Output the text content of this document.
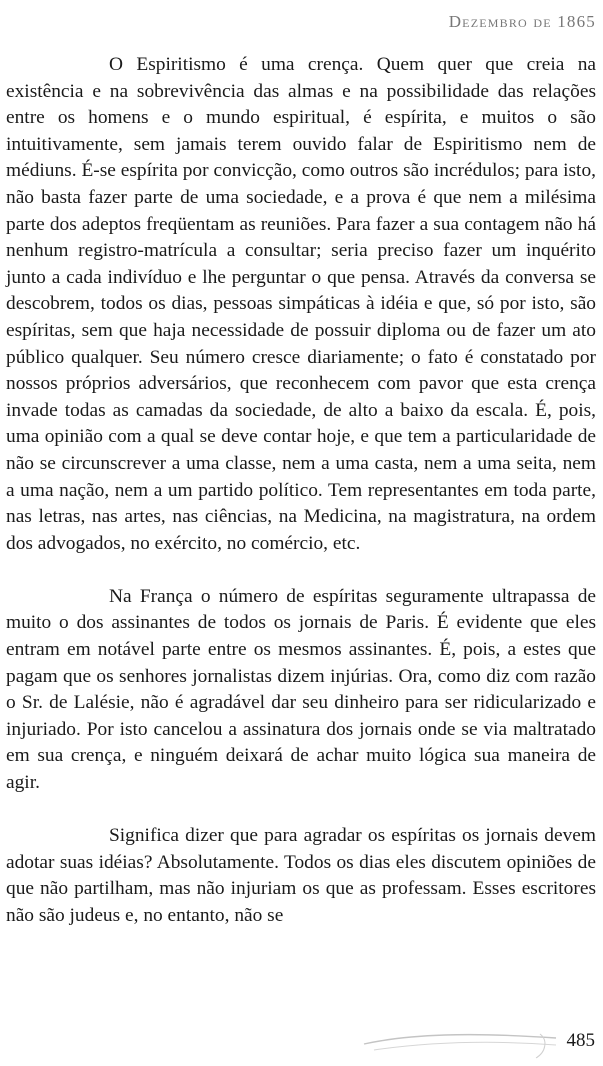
Dezembro de 1865

O Espiritismo é uma crença. Quem quer que creia na existência e na sobrevivência das almas e na possibilidade das relações entre os homens e o mundo espiritual, é espírita, e muitos o são intuitivamente, sem jamais terem ouvido falar de Espiritismo nem de médiuns. É-se espírita por convicção, como outros são incrédulos; para isto, não basta fazer parte de uma sociedade, e a prova é que nem a milésima parte dos adeptos freqüentam as reuniões. Para fazer a sua contagem não há nenhum registro-matrícula a consultar; seria preciso fazer um inquérito junto a cada indivíduo e lhe perguntar o que pensa. Através da conversa se descobrem, todos os dias, pessoas simpáticas à idéia e que, só por isto, são espíritas, sem que haja necessidade de possuir diploma ou de fazer um ato público qualquer. Seu número cresce diariamente; o fato é constatado por nossos próprios adversários, que reconhecem com pavor que esta crença invade todas as camadas da sociedade, de alto a baixo da escala. É, pois, uma opinião com a qual se deve contar hoje, e que tem a particularidade de não se circunscrever a uma classe, nem a uma casta, nem a uma seita, nem a uma nação, nem a um partido político. Tem representantes em toda parte, nas letras, nas artes, nas ciências, na Medicina, na magistratura, na ordem dos advogados, no exército, no comércio, etc.

Na França o número de espíritas seguramente ultrapassa de muito o dos assinantes de todos os jornais de Paris. É evidente que eles entram em notável parte entre os mesmos assinantes. É, pois, a estes que pagam que os senhores jornalistas dizem injúrias. Ora, como diz com razão o Sr. de Lalésie, não é agradável dar seu dinheiro para ser ridicularizado e injuriado. Por isto cancelou a assinatura dos jornais onde se via maltratado em sua crença, e ninguém deixará de achar muito lógica sua maneira de agir.

Significa dizer que para agradar os espíritas os jornais devem adotar suas idéias? Absolutamente. Todos os dias eles discutem opiniões de que não partilham, mas não injuriam os que as professam. Esses escritores não são judeus e, no entanto, não se

485
